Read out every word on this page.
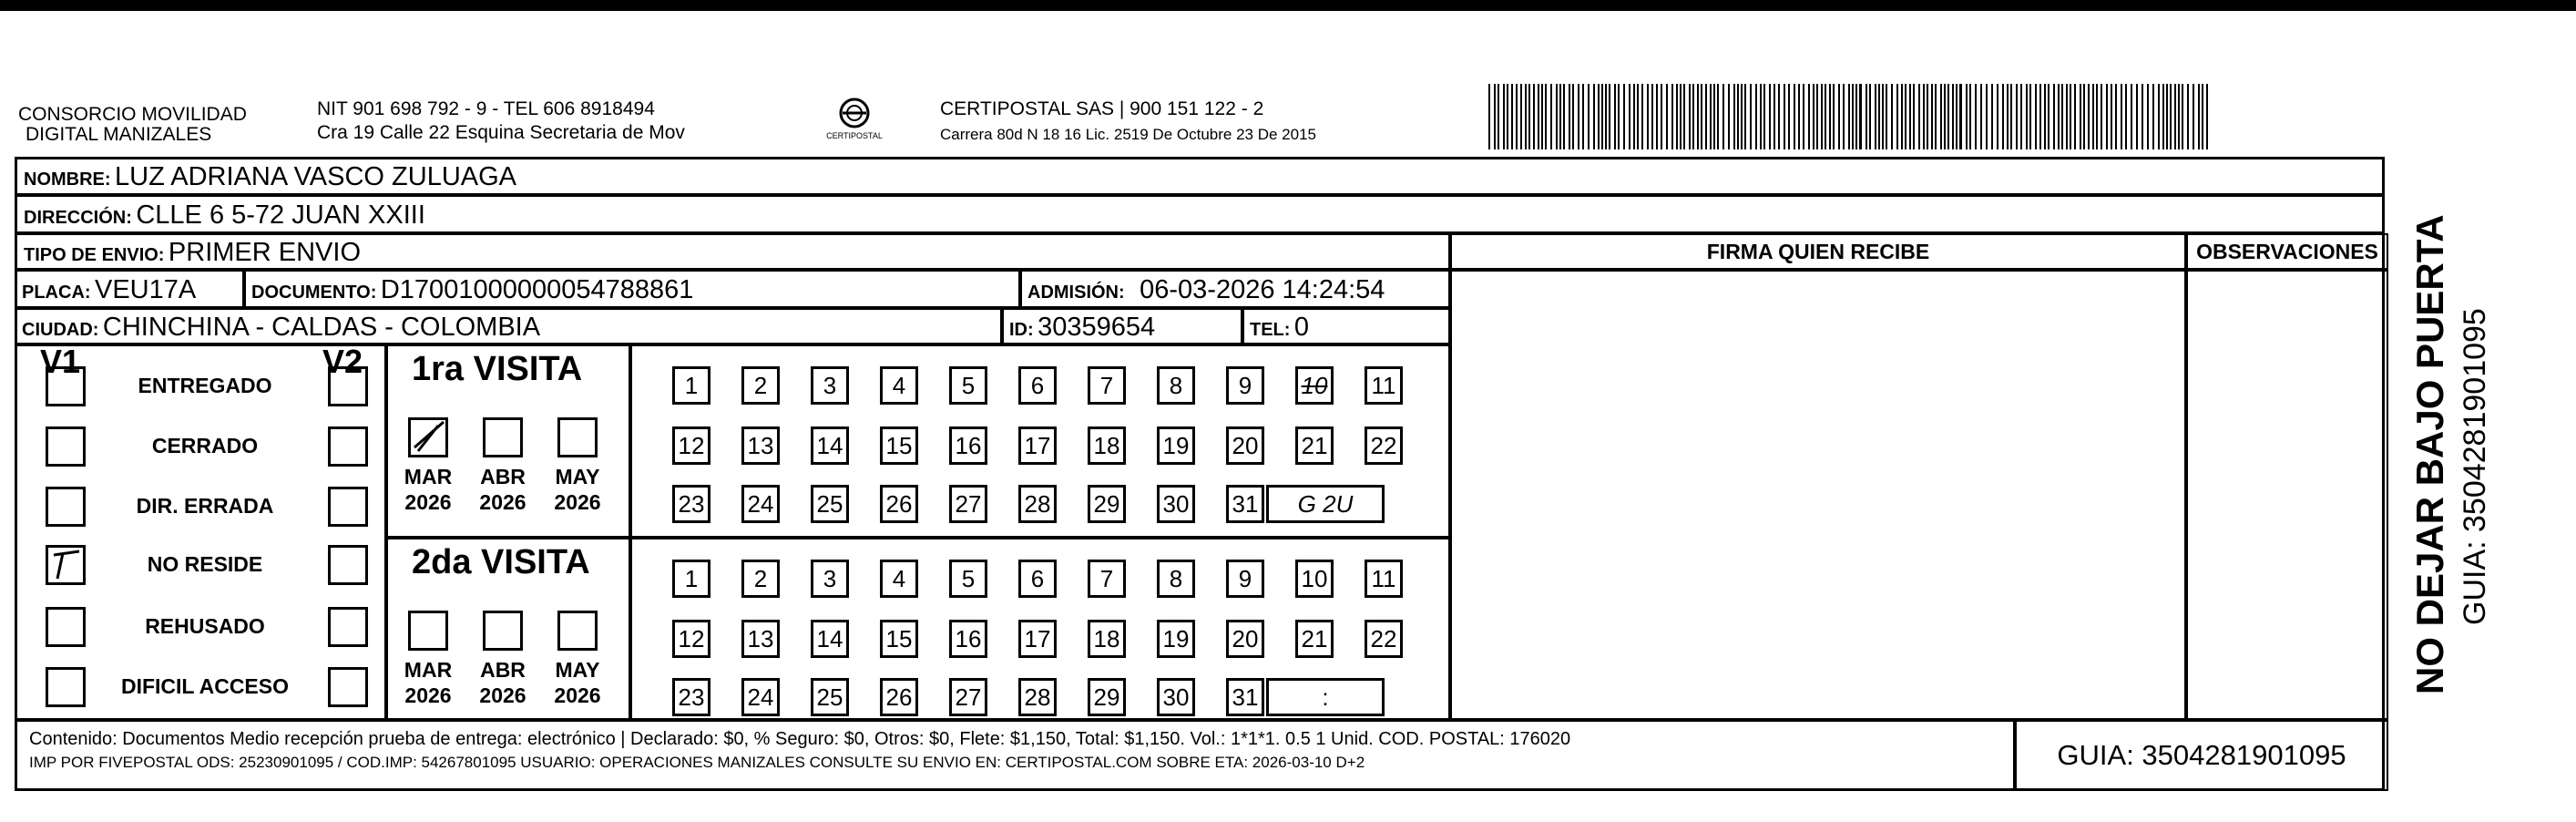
CONSORCIO MOVILIDAD
DIGITAL MANIZALES
NIT 901 698 792 - 9 - TEL 606 8918494
Cra 19 Calle 22 Esquina Secretaria de Mov	CERTIPOSTAL
CERTIPOSTAL SAS | 900 151 122 - 2
Carrera 80d N 18 16 Lic. 2519 De Octubre 23 De 2015
NOMBRE: LUZ ADRIANA VASCO ZULUAGA
DIRECCIÓN: CLLE 6 5-72 JUAN XXIII
TIPO DE ENVIO: PRIMER ENVIO	FIRMA QUIEN RECIBE	OBSERVACIONES
PLACA: VEU17A	DOCUMENTO: D17001000000054788861	ADMISIÓN: 06-03-2026 14:24:54
CIUDAD: CHINCHINA - CALDAS - COLOMBIA	ID: 30359654	TEL: 0
V1	V2
ENTREGADO
CERRADO
DIR. ERRADA
NO RESIDE
REHUSADO
DIFICIL ACCESO
1ra VISITA
2da VISITA
MAR
2026
ABR
2026
MAY
2026
1	2	3	4	5	6	7	8	9	10 11
12 13 14 15 16 17 18 19 20 21 22
23 24 25 26 27 28 29 30 31	G 2U
MAR
2026
ABR
2026
MAY
2026
1	2	3	4	5	6	7	8	9	10 11
12 13 14 15 16 17 18 19 20 21 22
23 24 25 26 27 28 29 30 31	:
Contenido: Documentos Medio recepción prueba de entrega: electrónico | Declarado: $0, % Seguro: $0, Otros: $0, Flete: $1,150, Total: $1,150. Vol.: 1*1*1. 0.5 1 Unid. COD. POSTAL: 176020
IMP POR FIVEPOSTAL ODS: 25230901095 / COD.IMP: 54267801095 USUARIO: OPERACIONES MANIZALES CONSULTE SU ENVIO EN: CERTIPOSTAL.COM SOBRE ETA: 2026-03-10 D+2	GUIA: 3504281901095
NO DEJAR BAJO PUERTA GUIA: 3504281901095
